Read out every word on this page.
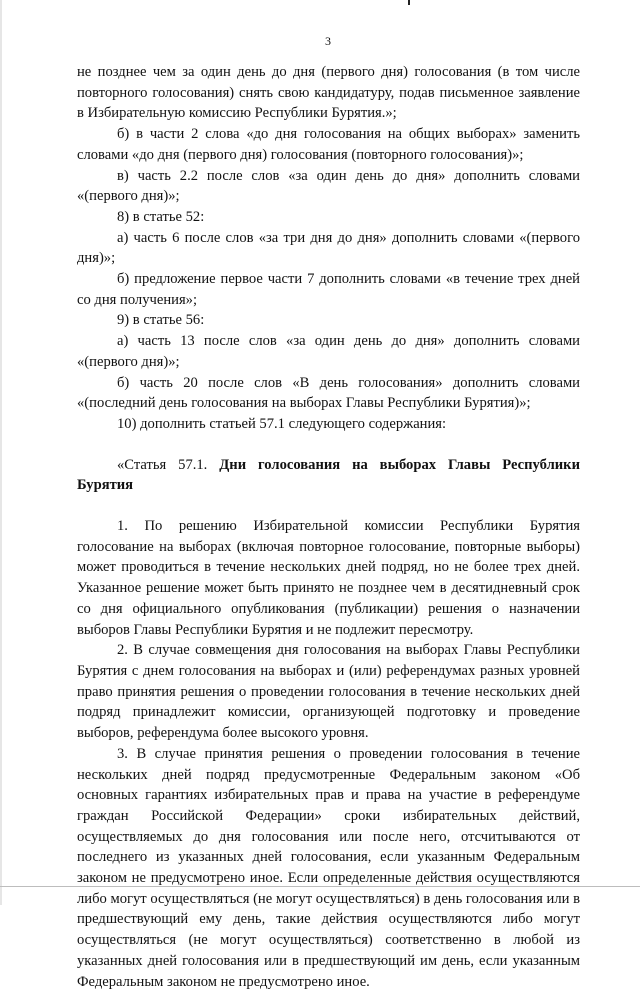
3

не позднее чем за один день до дня (первого дня) голосования (в том числе повторного голосования) снять свою кандидатуру, подав письменное заявление в Избирательную комиссию Республики Бурятия.»;

б) в части 2 слова «до дня голосования на общих выборах» заменить словами «до дня (первого дня) голосования (повторного голосования)»;

в) часть 2.2 после слов «за один день до дня» дополнить словами «(первого дня)»;

8) в статье 52:

а) часть 6 после слов «за три дня до дня» дополнить словами «(первого дня)»;

б) предложение первое части 7 дополнить словами «в течение трех дней со дня получения»;

9) в статье 56:

а) часть 13 после слов «за один день до дня» дополнить словами «(первого дня)»;

б) часть 20 после слов «В день голосования» дополнить словами «(последний день голосования на выборах Главы Республики Бурятия)»;

10) дополнить статьей 57.1 следующего содержания:

«Статья 57.1. Дни голосования на выборах Главы Республики Бурятия

1. По решению Избирательной комиссии Республики Бурятия голосование на выборах (включая повторное голосование, повторные выборы) может проводиться в течение нескольких дней подряд, но не более трех дней. Указанное решение может быть принято не позднее чем в десятидневный срок со дня официального опубликования (публикации) решения о назначении выборов Главы Республики Бурятия и не подлежит пересмотру.

2. В случае совмещения дня голосования на выборах Главы Республики Бурятия с днем голосования на выборах и (или) референдумах разных уровней право принятия решения о проведении голосования в течение нескольких дней подряд принадлежит комиссии, организующей подготовку и проведение выборов, референдума более высокого уровня.

3. В случае принятия решения о проведении голосования в течение нескольких дней подряд предусмотренные Федеральным законом «Об основных гарантиях избирательных прав и права на участие в референдуме граждан Российской Федерации» сроки избирательных действий, осуществляемых до дня голосования или после него, отсчитываются от последнего из указанных дней голосования, если указанным Федеральным законом не предусмотрено иное. Если определенные действия осуществляются либо могут осуществляться (не могут осуществляться) в день голосования или в предшествующий ему день, такие действия осуществляются либо могут осуществляться (не могут осуществляться) соответственно в любой из указанных дней голосования или в предшествующий им день, если указанным Федеральным законом не предусмотрено иное.
